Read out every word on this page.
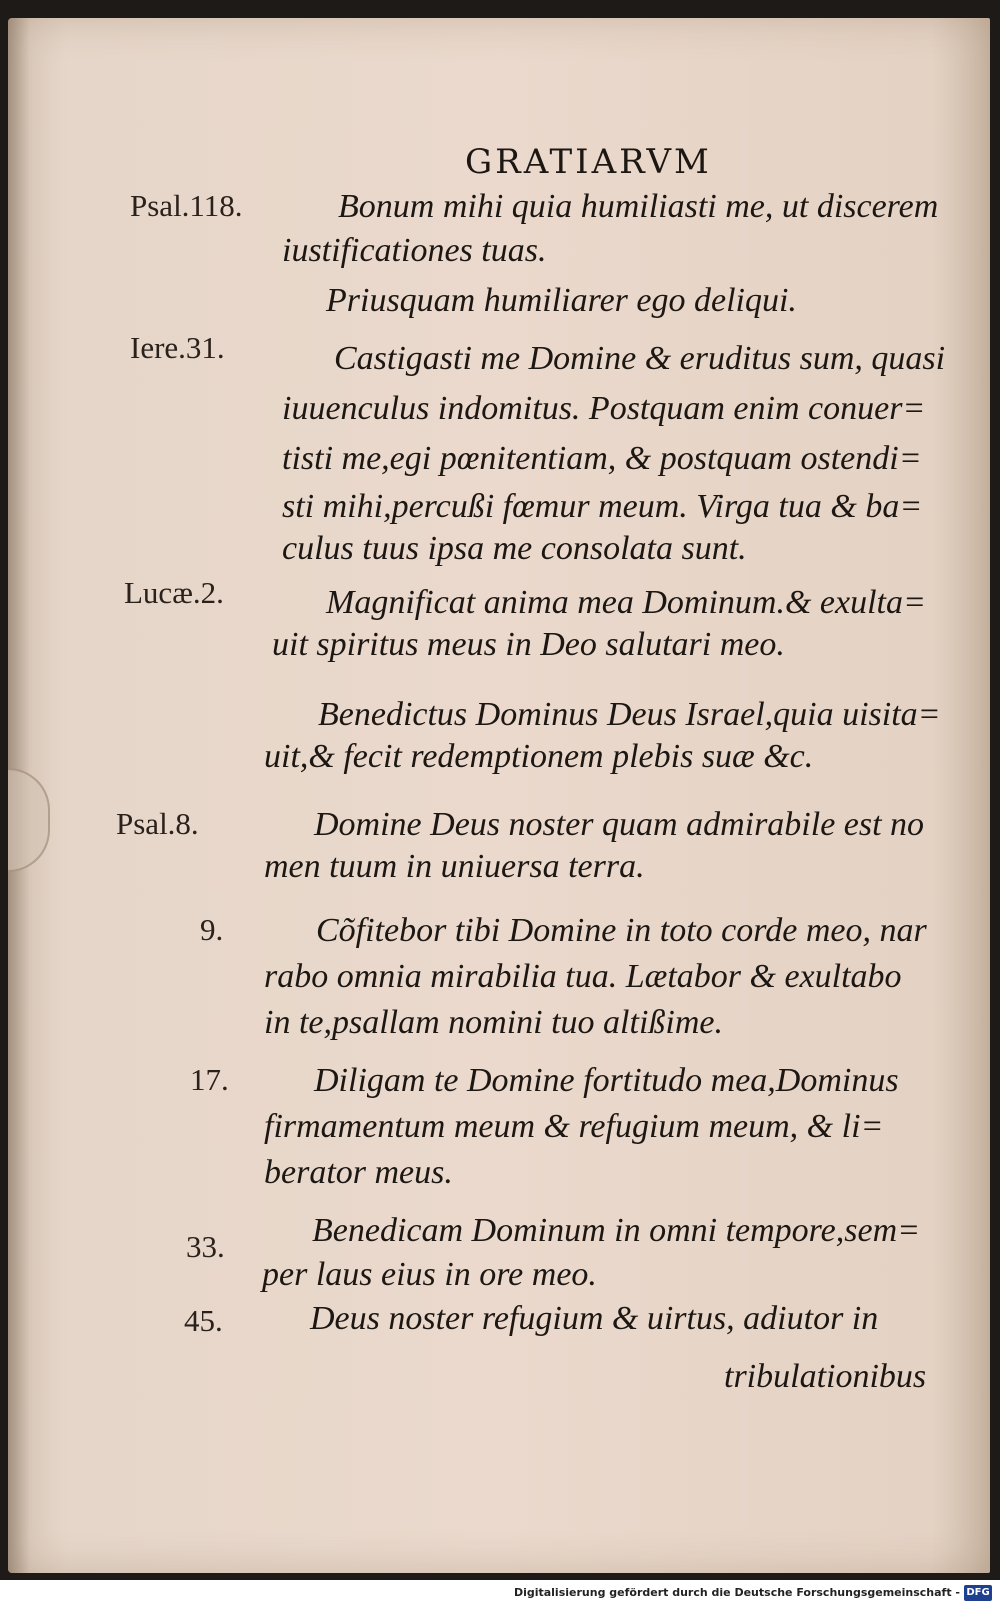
GRATIARVM
Psal.118.
Iere.31.
Lucæ.2.
Psal.8.
9.
17.
33.
45.
Bonum mihi quia humiliasti me, ut discerem
iustificationes tuas.
Priusquam humiliarer ego deliqui.
Castigasti me Domine & eruditus sum, quasi
iuuenculus indomitus. Postquam enim conuer=
tisti me,egi pœnitentiam, & postquam ostendi=
sti mihi,percußi fœmur meum. Virga tua & ba=
culus tuus ipsa me consolata sunt.
Magnificat anima mea Dominum.& exulta=
uit spiritus meus in Deo salutari meo.
Benedictus Dominus Deus Israel,quia uisita=
uit,& fecit redemptionem plebis suæ &c.
Domine Deus noster quam admirabile est no
men tuum in uniuersa terra.
Cõfitebor tibi Domine in toto corde meo, nar
rabo omnia mirabilia tua. Lætabor & exultabo
in te,psallam nomini tuo altißime.
Diligam te Domine fortitudo mea,Dominus
firmamentum meum & refugium meum, & li=
berator meus.
Benedicam Dominum in omni tempore,sem=
per laus eius in ore meo.
Deus noster refugium & uirtus, adiutor in
tribulationibus
Digitalisierung gefördert durch die Deutsche Forschungsgemeinschaft - DFG
